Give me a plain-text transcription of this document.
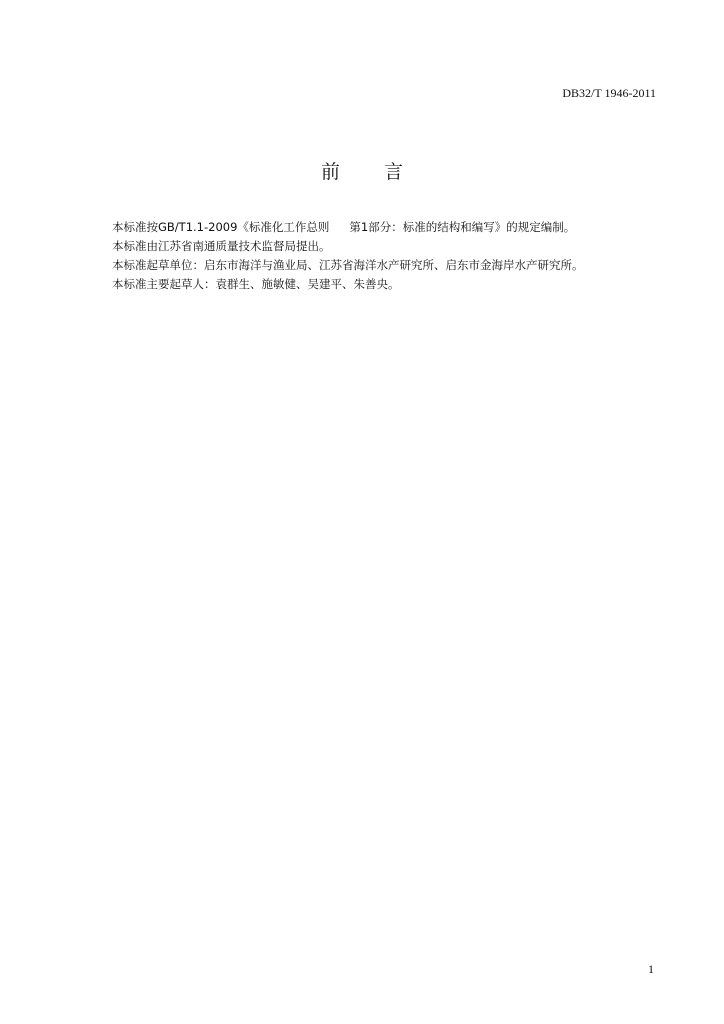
DB32/T 1946-2011
前 言
本标准按GB/T1.1-2009《标准化工作总则 第1部分：标准的结构和编写》的规定编制。
本标准由江苏省南通质量技术监督局提出。
本标准起草单位：启东市海洋与渔业局、江苏省海洋水产研究所、启东市金海岸水产研究所。
本标准主要起草人：袁群生、施敏健、吴建平、朱善央。
1
